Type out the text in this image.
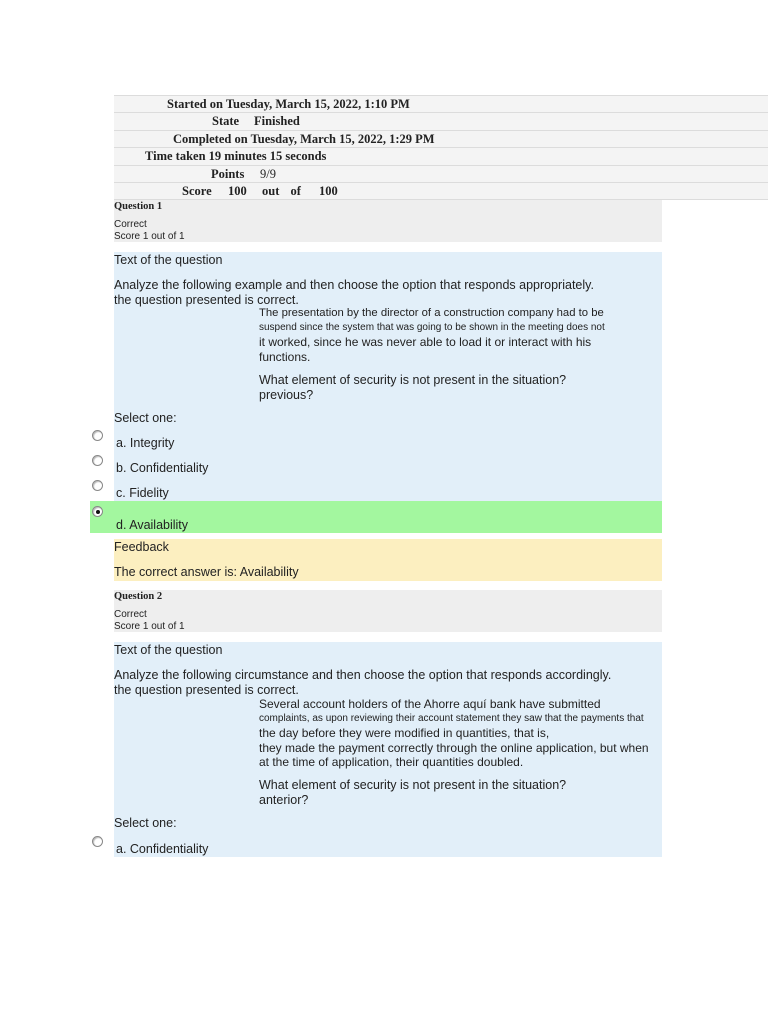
Started on Tuesday, March 15, 2022, 1:10 PM
State Finished
Completed on Tuesday, March 15, 2022, 1:29 PM
Time taken 19 minutes 15 seconds
Points 9/9
Score 100 out of 100
Question 1
Correct
Score 1 out of 1
Text of the question
Analyze the following example and then choose the option that responds appropriately.
the question presented is correct.
The presentation by the director of a construction company had to be
suspend since the system that was going to be shown in the meeting does not
it worked, since he was never able to load it or interact with his
functions.
What element of security is not present in the situation?
previous?
Select one:
a. Integrity
b. Confidentiality
c. Fidelity
d. Availability
Feedback
The correct answer is: Availability
Question 2
Correct
Score 1 out of 1
Text of the question
Analyze the following circumstance and then choose the option that responds accordingly.
the question presented is correct.
Several account holders of the Ahorre aquí bank have submitted
complaints, as upon reviewing their account statement they saw that the payments that
the day before they were modified in quantities, that is,
they made the payment correctly through the online application, but when
at the time of application, their quantities doubled.
What element of security is not present in the situation?
anterior?
Select one:
a. Confidentiality
